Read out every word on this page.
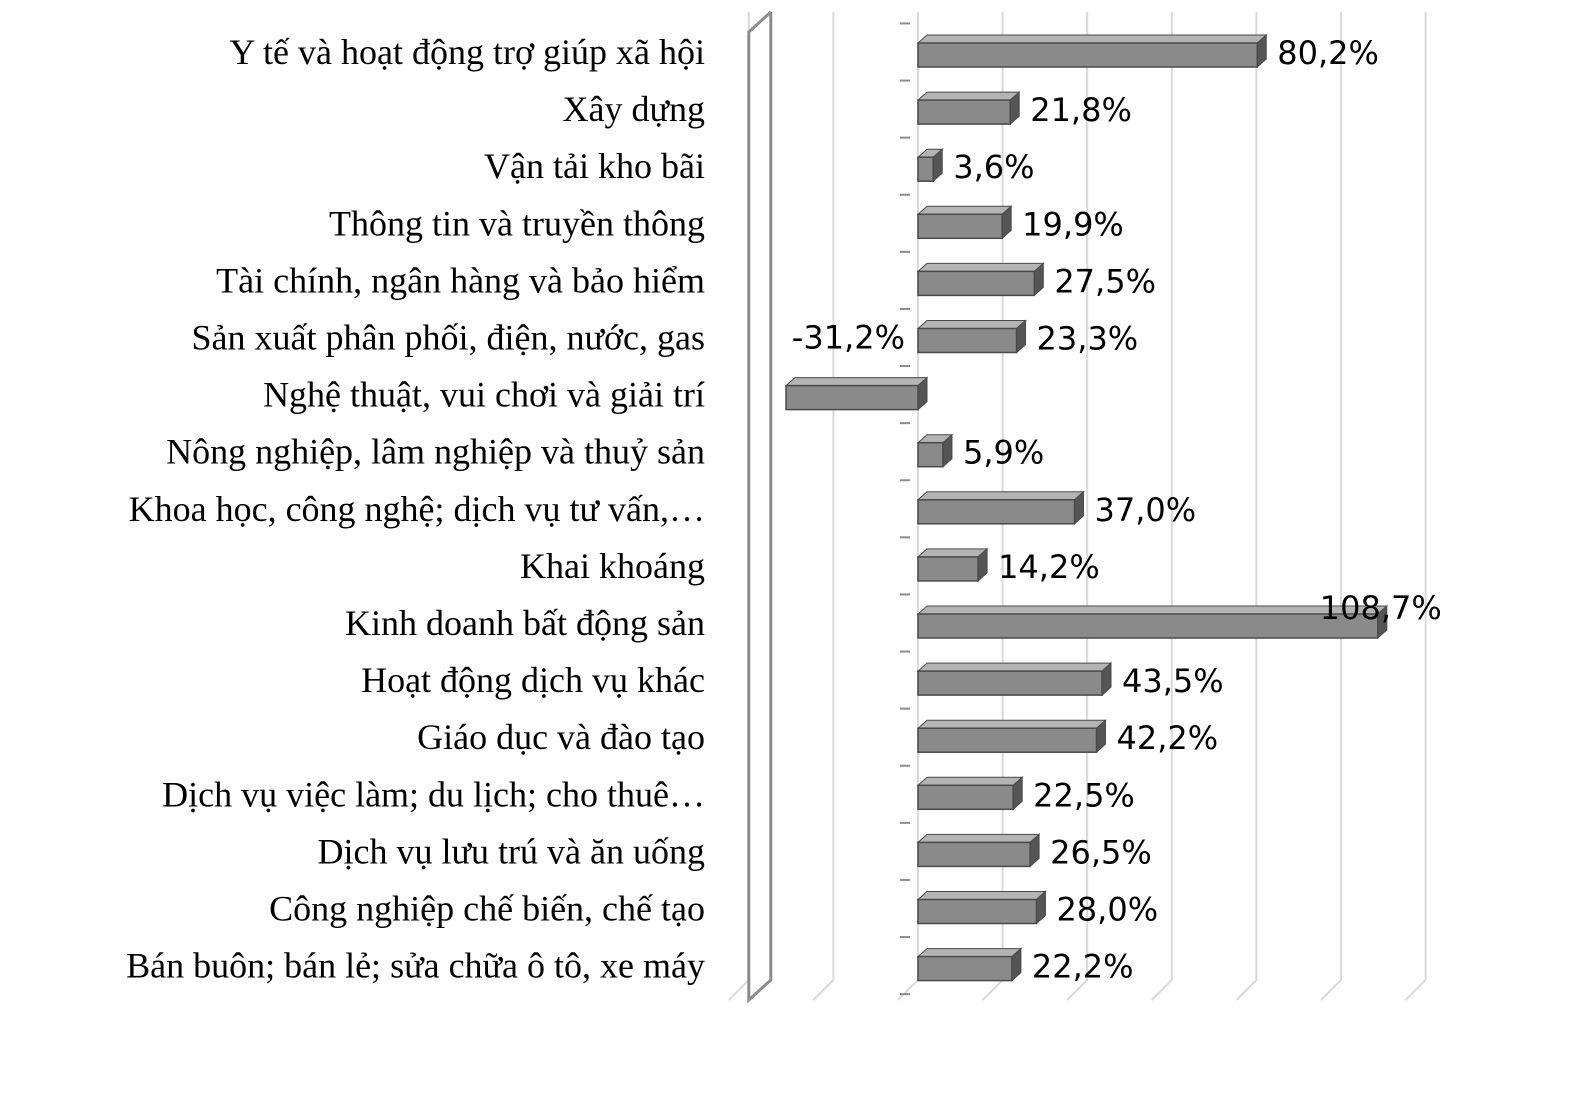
Y tế và hoạt động trợ giúp xã hội
Xây dựng
Vận tải kho bãi
Thông tin và truyền thông
Tài chính, ngân hàng và bảo hiểm
Sản xuất phân phối, điện, nước, gas
Nghệ thuật, vui chơi và giải trí
Nông nghiệp, lâm nghiệp và thuỷ sản
Khoa học, công nghệ; dịch vụ tư vấn,…
Khai khoáng
Kinh doanh bất động sản
Hoạt động dịch vụ khác
Giáo dục và đào tạo
Dịch vụ việc làm; du lịch; cho thuê…
Dịch vụ lưu trú và ăn uống
Công nghiệp chế biến, chế tạo
Bán buôn; bán lẻ; sửa chữa ô tô, xe máy
80,2%
21,8%
3,6%
19,9%
27,5%
23,3%
-31,2%
5,9%
37,0%
14,2%
108,7%
43,5%
42,2%
22,5%
26,5%
28,0%
22,2%
